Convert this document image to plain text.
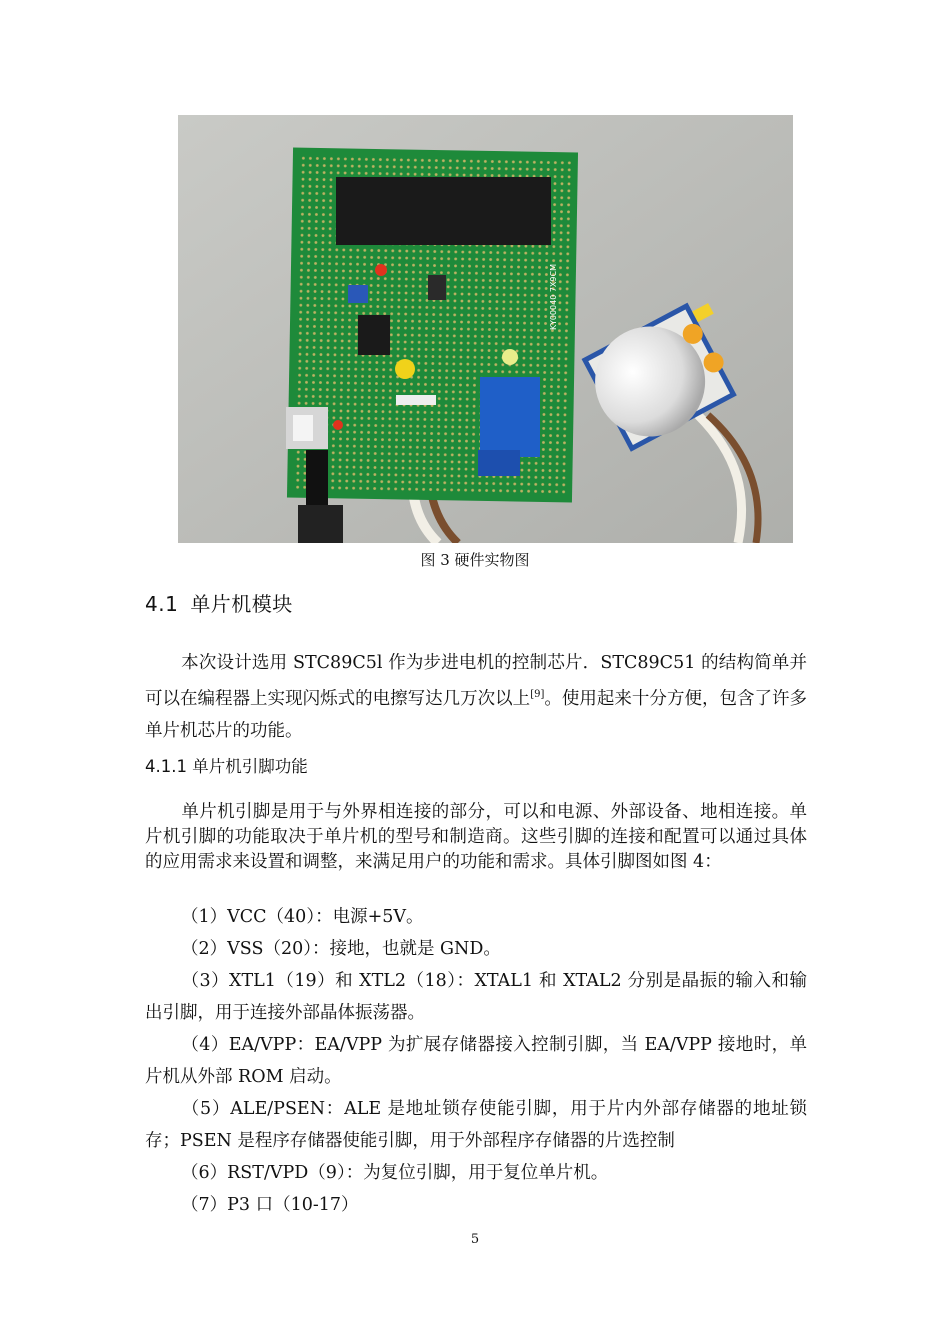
KY00040 7X9CM
图 3 硬件实物图
4.1 单片机模块
本次设计选用 STC89C5l 作为步进电机的控制芯片．STC89C51 的结构简单并可以在编程器上实现闪烁式的电擦写达几万次以上[9]。使用起来十分方便，包含了许多单片机芯片的功能。
4.1.1 单片机引脚功能
单片机引脚是用于与外界相连接的部分，可以和电源、外部设备、地相连接。单片机引脚的功能取决于单片机的型号和制造商。这些引脚的连接和配置可以通过具体的应用需求来设置和调整，来满足用户的功能和需求。具体引脚图如图 4：
（1）VCC（40）：电源+5V。
（2）VSS（20）：接地，也就是 GND。
（3）XTL1（19）和 XTL2（18）：XTAL1 和 XTAL2 分别是晶振的输入和输出引脚，用于连接外部晶体振荡器。
（4）EA/VPP：EA/VPP 为扩展存储器接入控制引脚，当 EA/VPP 接地时，单片机从外部 ROM 启动。
（5）ALE/PSEN：ALE 是地址锁存使能引脚，用于片内外部存储器的地址锁存；PSEN 是程序存储器使能引脚，用于外部程序存储器的片选控制
（6）RST/VPD（9）：为复位引脚，用于复位单片机。
（7）P3 口（10-17）
5
